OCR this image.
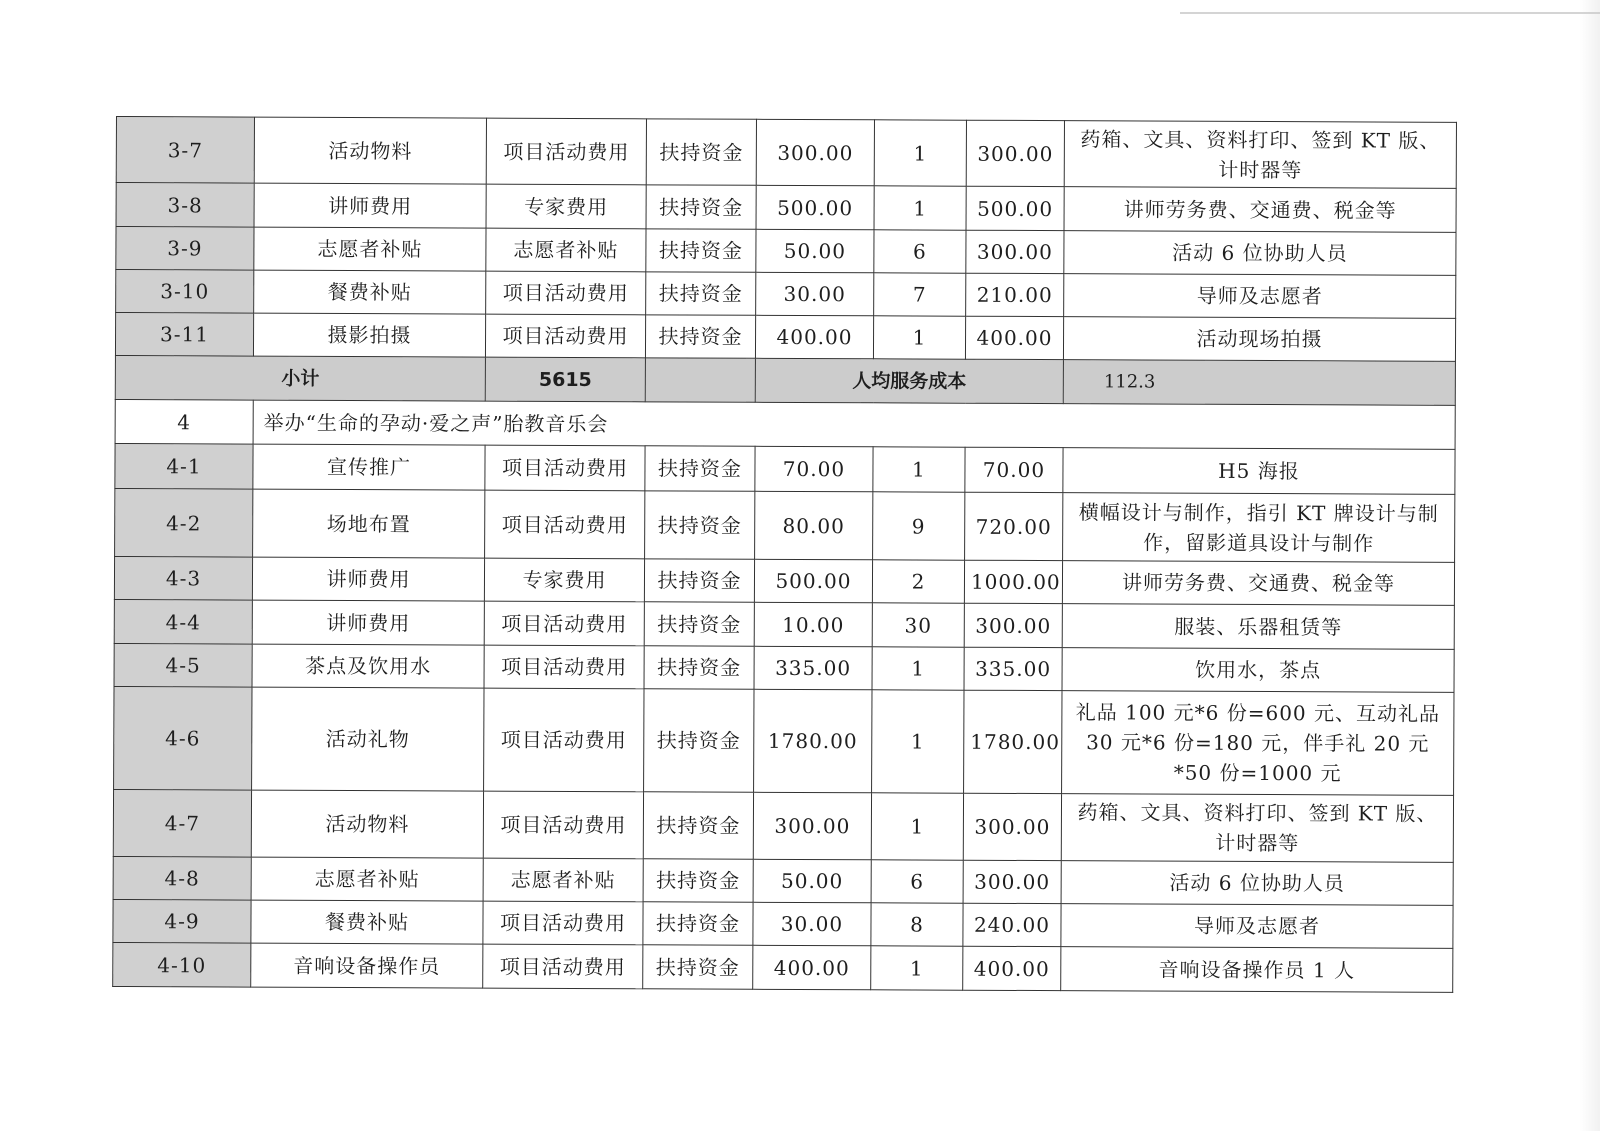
3-7	活动物料	项目活动费用	扶持资金	300.00	1	300.00	药箱、文具、资料打印、签到 KT 版、计时器等
3-8	讲师费用	专家费用	扶持资金	500.00	1	500.00	讲师劳务费、交通费、税金等
3-9	志愿者补贴	志愿者补贴	扶持资金	50.00	6	300.00	活动 6 位协助人员
3-10	餐费补贴	项目活动费用	扶持资金	30.00	7	210.00	导师及志愿者
3-11	摄影拍摄	项目活动费用	扶持资金	400.00	1	400.00	活动现场拍摄
小计		5615		人均服务成本			112.3
4	举办“生命的孕动·爱之声”胎教音乐会						
4-1	宣传推广	项目活动费用	扶持资金	70.00	1	70.00	H5 海报
4-2	场地布置	项目活动费用	扶持资金	80.00	9	720.00	横幅设计与制作，指引 KT 牌设计与制作，留影道具设计与制作
4-3	讲师费用	专家费用	扶持资金	500.00	2	1000.00	讲师劳务费、交通费、税金等
4-4	讲师费用	项目活动费用	扶持资金	10.00	30	300.00	服装、乐器租赁等
4-5	茶点及饮用水	项目活动费用	扶持资金	335.00	1	335.00	饮用水，茶点
4-6	活动礼物	项目活动费用	扶持资金	1780.00	1	1780.00	礼品 100 元*6 份=600 元、互动礼品 30 元*6 份=180 元，伴手礼 20 元*50 份=1000 元
4-7	活动物料	项目活动费用	扶持资金	300.00	1	300.00	药箱、文具、资料打印、签到 KT 版、计时器等
4-8	志愿者补贴	志愿者补贴	扶持资金	50.00	6	300.00	活动 6 位协助人员
4-9	餐费补贴	项目活动费用	扶持资金	30.00	8	240.00	导师及志愿者
4-10	音响设备操作员	项目活动费用	扶持资金	400.00	1	400.00	音响设备操作员 1 人
